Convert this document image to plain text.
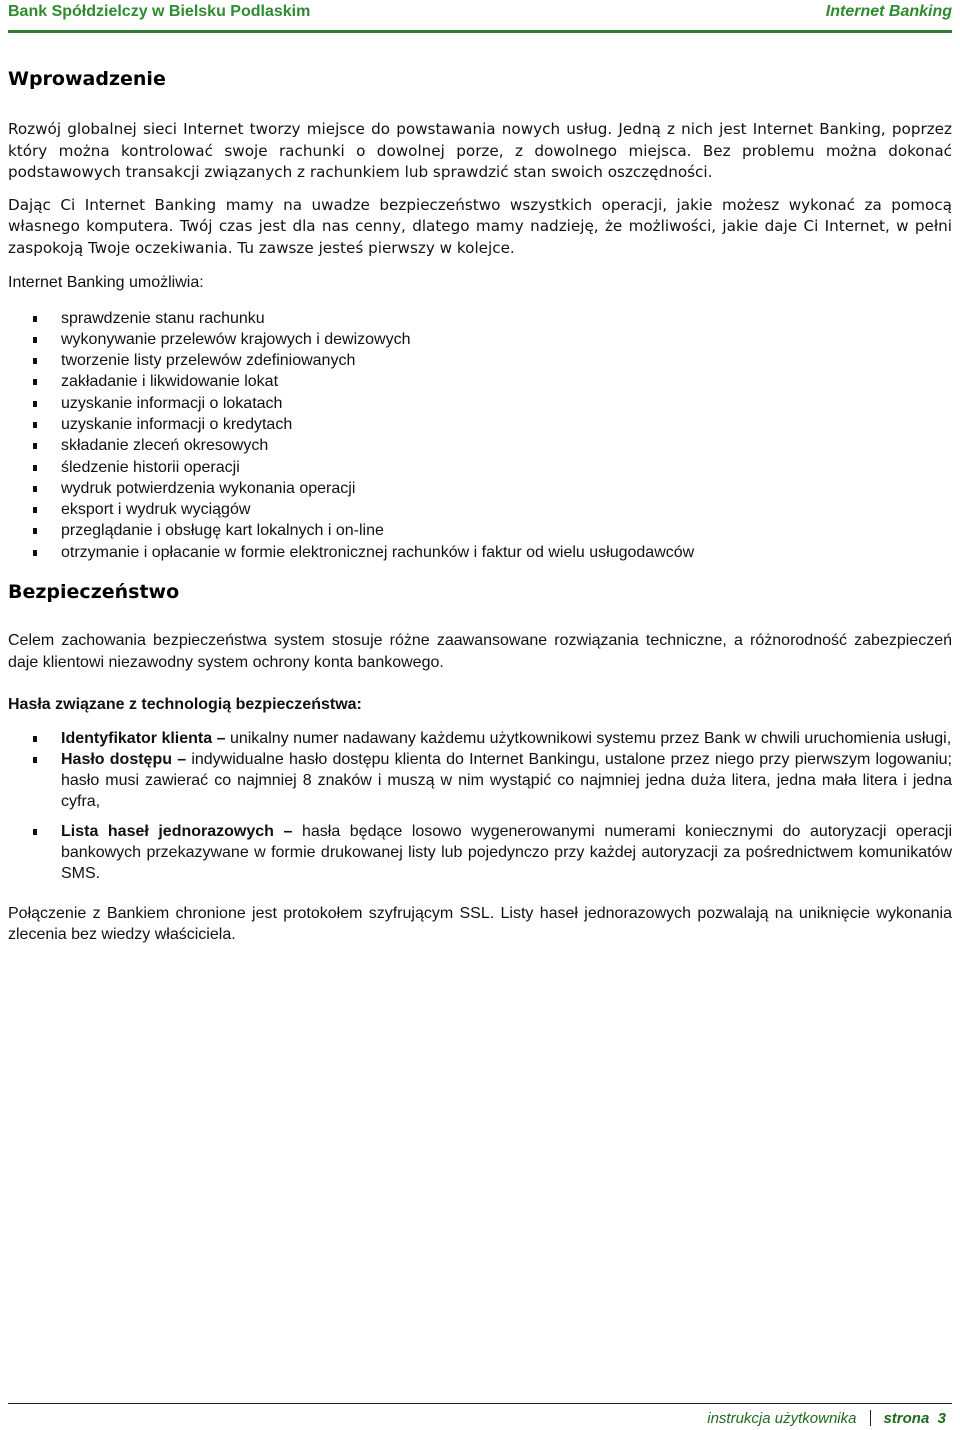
Bank Spółdzielczy w Bielsku Podlaskim	Internet Banking
Wprowadzenie

Rozwój globalnej sieci Internet tworzy miejsce do powstawania nowych usług. Jedną z nich jest Internet Banking, poprzez który można kontrolować swoje rachunki o dowolnej porze, z dowolnego miejsca. Bez problemu można dokonać podstawowych transakcji związanych z rachunkiem lub sprawdzić stan swoich oszczędności.

Dając Ci Internet Banking mamy na uwadze bezpieczeństwo wszystkich operacji, jakie możesz wykonać za pomocą własnego komputera. Twój czas jest dla nas cenny, dlatego mamy nadzieję, że możliwości, jakie daje Ci Internet, w pełni zaspokoją Twoje oczekiwania. Tu zawsze jesteś pierwszy w kolejce.

Internet Banking umożliwia:

sprawdzenie stanu rachunku
wykonywanie przelewów krajowych i dewizowych
tworzenie listy przelewów zdefiniowanych
zakładanie i likwidowanie lokat
uzyskanie informacji o lokatach
uzyskanie informacji o kredytach
składanie zleceń okresowych
śledzenie historii operacji
wydruk potwierdzenia wykonania operacji
eksport i wydruk wyciągów
przeglądanie i obsługę kart lokalnych i on-line
otrzymanie i opłacanie w formie elektronicznej rachunków i faktur od wielu usługodawców
Bezpieczeństwo

Celem zachowania bezpieczeństwa system stosuje różne zaawansowane rozwiązania techniczne, a różnorodność zabezpieczeń daje klientowi niezawodny system ochrony konta bankowego.

Hasła związane z technologią bezpieczeństwa:

Identyfikator klienta – unikalny numer nadawany każdemu użytkownikowi systemu przez Bank w chwili uruchomienia usługi,
Hasło dostępu – indywidualne hasło dostępu klienta do Internet Bankingu, ustalone przez niego przy pierwszym logowaniu; hasło musi zawierać co najmniej 8 znaków i muszą w nim wystąpić co najmniej jedna duża litera, jedna mała litera i jedna cyfra,
Lista haseł jednorazowych – hasła będące losowo wygenerowanymi numerami koniecznymi do autoryzacji operacji bankowych przekazywane w formie drukowanej listy lub pojedynczo przy każdej autoryzacji za pośrednictwem komunikatów SMS.

Połączenie z Bankiem chronione jest protokołem szyfrującym SSL. Listy haseł jednorazowych pozwalają na uniknięcie wykonania zlecenia bez wiedzy właściciela.

instrukcja użytkownika strona 3
